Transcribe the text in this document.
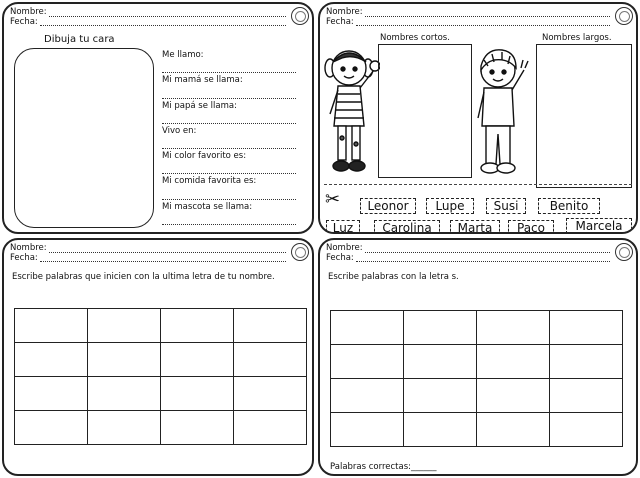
Nombre:
Fecha:
Dibuja tu cara
Me llamo:
Mi mamá se llama:
Mi papá se llama:
Vivo en:
Mi color favorito es:
Mi comida favorita es:
Mi mascota se llama:
Nombre:
Fecha:
Nombres cortos.	Nombres largos.
✂	Leonor	Lupe	Susi	Benito
Luz	Carolina	Marta	Paco	Marcela
Nombre:
Fecha:
Escribe palabras que inicien con la ultima letra de tu nombre.

Nombre:
Fecha:
Escribe palabras con la letra s.

Palabras correctas:______
